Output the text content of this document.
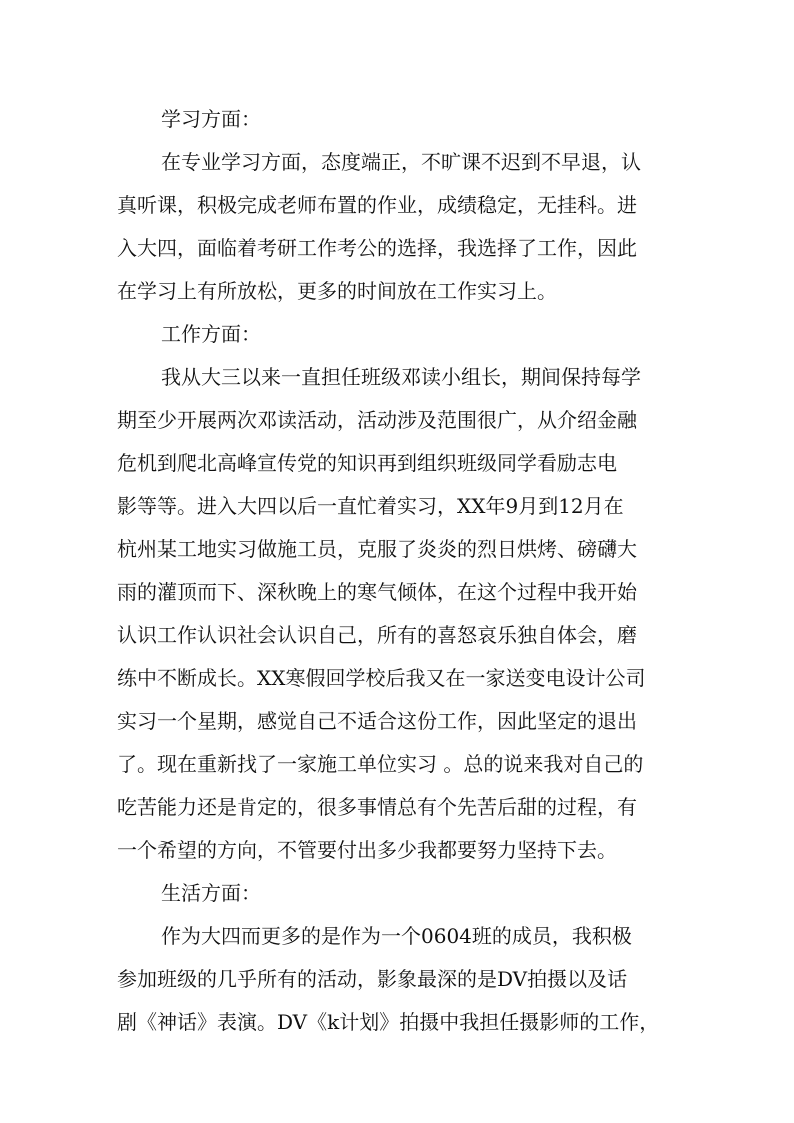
学习方面：
在专业学习方面，态度端正，不旷课不迟到不早退，认
真听课，积极完成老师布置的作业，成绩稳定，无挂科。进
入大四，面临着考研工作考公的选择，我选择了工作，因此
在学习上有所放松，更多的时间放在工作实习上。
工作方面：
我从大三以来一直担任班级邓读小组长，期间保持每学
期至少开展两次邓读活动，活动涉及范围很广，从介绍金融
危机到爬北高峰宣传党的知识再到组织班级同学看励志电
影等等。进入大四以后一直忙着实习，XX年9月到12月在
杭州某工地实习做施工员，克服了炎炎的烈日烘烤、磅礴大
雨的灌顶而下、深秋晚上的寒气倾体，在这个过程中我开始
认识工作认识社会认识自己，所有的喜怒哀乐独自体会，磨
练中不断成长。XX寒假回学校后我又在一家送变电设计公司
实习一个星期，感觉自己不适合这份工作，因此坚定的退出
了。现在重新找了一家施工单位实习 。总的说来我对自己的
吃苦能力还是肯定的，很多事情总有个先苦后甜的过程，有
一个希望的方向，不管要付出多少我都要努力坚持下去。
生活方面：
作为大四而更多的是作为一个0604班的成员，我积极
参加班级的几乎所有的活动，影象最深的是DV拍摄以及话
剧《神话》表演。DV《k计划》拍摄中我担任摄影师的工作，
